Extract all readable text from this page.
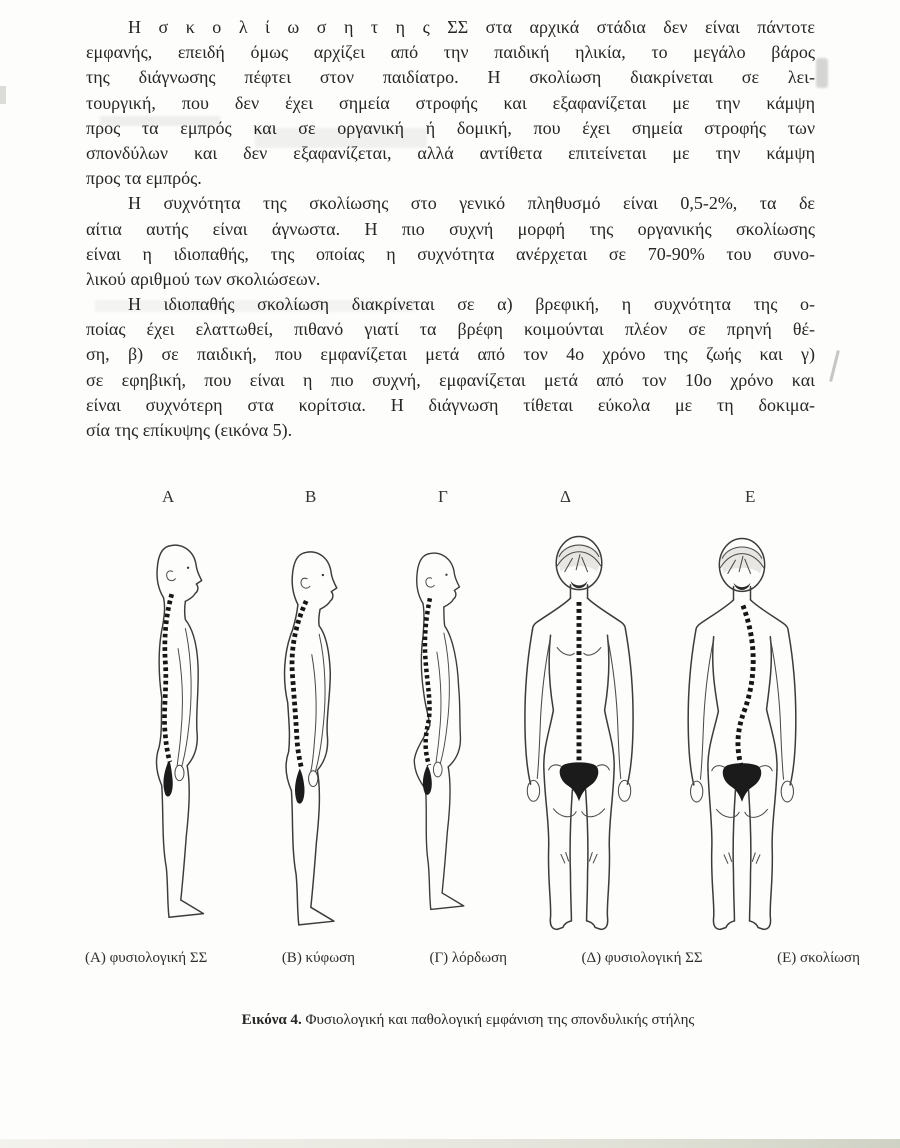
Η σ κ ο λ ί ω σ η τ η ς ΣΣ στα αρχικά στάδια δεν είναι πάντοτε
εμφανής, επειδή όμως αρχίζει από την παιδική ηλικία, το μεγάλο βάρος
της διάγνωσης πέφτει στον παιδίατρο. Η σκολίωση διακρίνεται σε λει-
τουργική, που δεν έχει σημεία στροφής και εξαφανίζεται με την κάμψη
προς τα εμπρός και σε οργανική ή δομική, που έχει σημεία στροφής των
σπονδύλων και δεν εξαφανίζεται, αλλά αντίθετα επιτείνεται με την κάμψη
προς τα εμπρός.
Η συχνότητα της σκολίωσης στο γενικό πληθυσμό είναι 0,5-2%, τα δε
αίτια αυτής είναι άγνωστα. Η πιο συχνή μορφή της οργανικής σκολίωσης
είναι η ιδιοπαθής, της οποίας η συχνότητα ανέρχεται σε 70-90% του συνο-
λικού αριθμού των σκολιώσεων.
Η ιδιοπαθής σκολίωση διακρίνεται σε α) βρεφική, η συχνότητα της ο-
ποίας έχει ελαττωθεί, πιθανό γιατί τα βρέφη κοιμούνται πλέον σε πρηνή θέ-
ση, β) σε παιδική, που εμφανίζεται μετά από τον 4ο χρόνο της ζωής και γ)
σε εφηβική, που είναι η πιο συχνή, εμφανίζεται μετά από τον 10ο χρόνο και
είναι συχνότερη στα κορίτσια. Η διάγνωση τίθεται εύκολα με τη δοκιμα-
σία της επίκυψης (εικόνα 5).
Α	Β	Γ	Δ	Ε
(Α) φυσιολογική ΣΣ	(Β) κύφωση	(Γ) λόρδωση	(Δ) φυσιολογική ΣΣ	(Ε) σκολίωση
Εικόνα 4. Φυσιολογική και παθολογική εμφάνιση της σπονδυλικής στήλης
